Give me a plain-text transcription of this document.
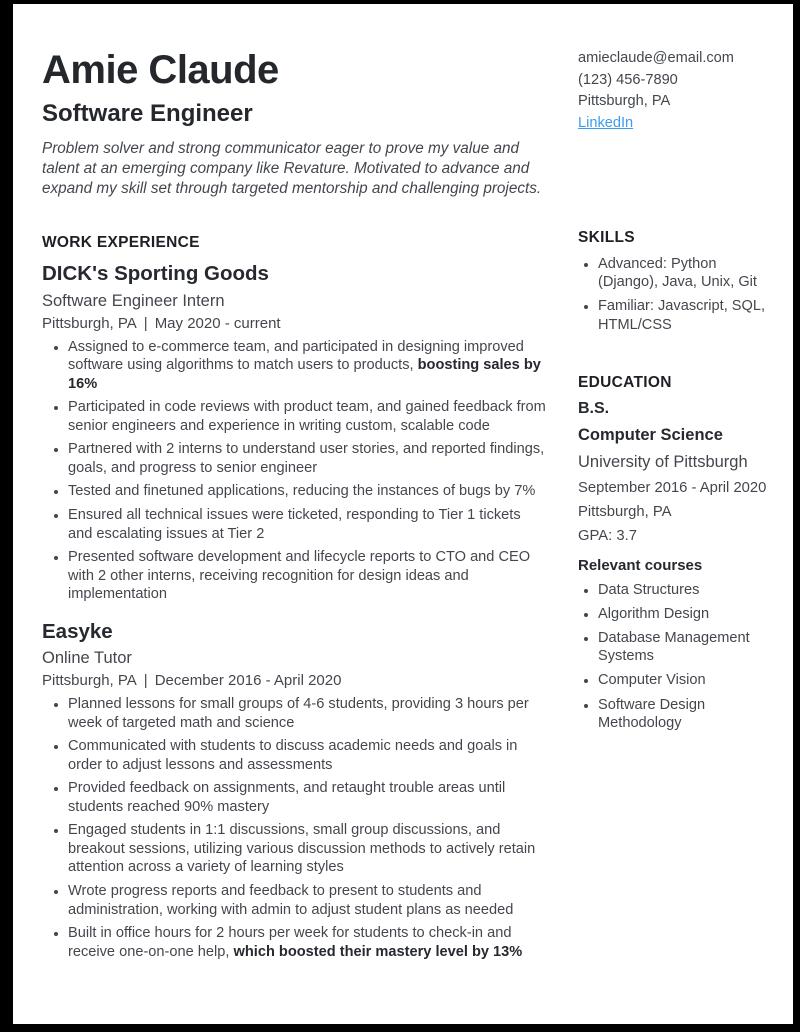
Amie Claude
Software Engineer

Problem solver and strong communicator eager to prove my value and talent at an emerging company like Revature. Motivated to advance and expand my skill set through targeted mentorship and challenging projects.

WORK EXPERIENCE
DICK's Sporting Goods
Software Engineer Intern
Pittsburgh, PA | May 2020 - current
• Assigned to e-commerce team, and participated in designing improved software using algorithms to match users to products, boosting sales by 16%
• Participated in code reviews with product team, and gained feedback from senior engineers and experience in writing custom, scalable code
• Partnered with 2 interns to understand user stories, and reported findings, goals, and progress to senior engineer
• Tested and finetuned applications, reducing the instances of bugs by 7%
• Ensured all technical issues were ticketed, responding to Tier 1 tickets and escalating issues at Tier 2
• Presented software development and lifecycle reports to CTO and CEO with 2 other interns, receiving recognition for design ideas and implementation
Easyke
Online Tutor
Pittsburgh, PA | December 2016 - April 2020
• Planned lessons for small groups of 4-6 students, providing 3 hours per week of targeted math and science
• Communicated with students to discuss academic needs and goals in order to adjust lessons and assessments
• Provided feedback on assignments, and retaught trouble areas until students reached 90% mastery
• Engaged students in 1:1 discussions, small group discussions, and breakout sessions, utilizing various discussion methods to actively retain attention across a variety of learning styles
• Wrote progress reports and feedback to present to students and administration, working with admin to adjust student plans as needed
• Built in office hours for 2 hours per week for students to check-in and receive one-on-one help, which boosted their mastery level by 13%
amieclaude@email.com
(123) 456-7890
Pittsburgh, PA
LinkedIn
SKILLS
• Advanced: Python (Django), Java, Unix, Git
• Familiar: Javascript, SQL, HTML/CSS
EDUCATION
B.S.
Computer Science
University of Pittsburgh
September 2016 - April 2020
Pittsburgh, PA
GPA: 3.7
Relevant courses
• Data Structures
• Algorithm Design
• Database Management Systems
• Computer Vision
• Software Design Methodology
